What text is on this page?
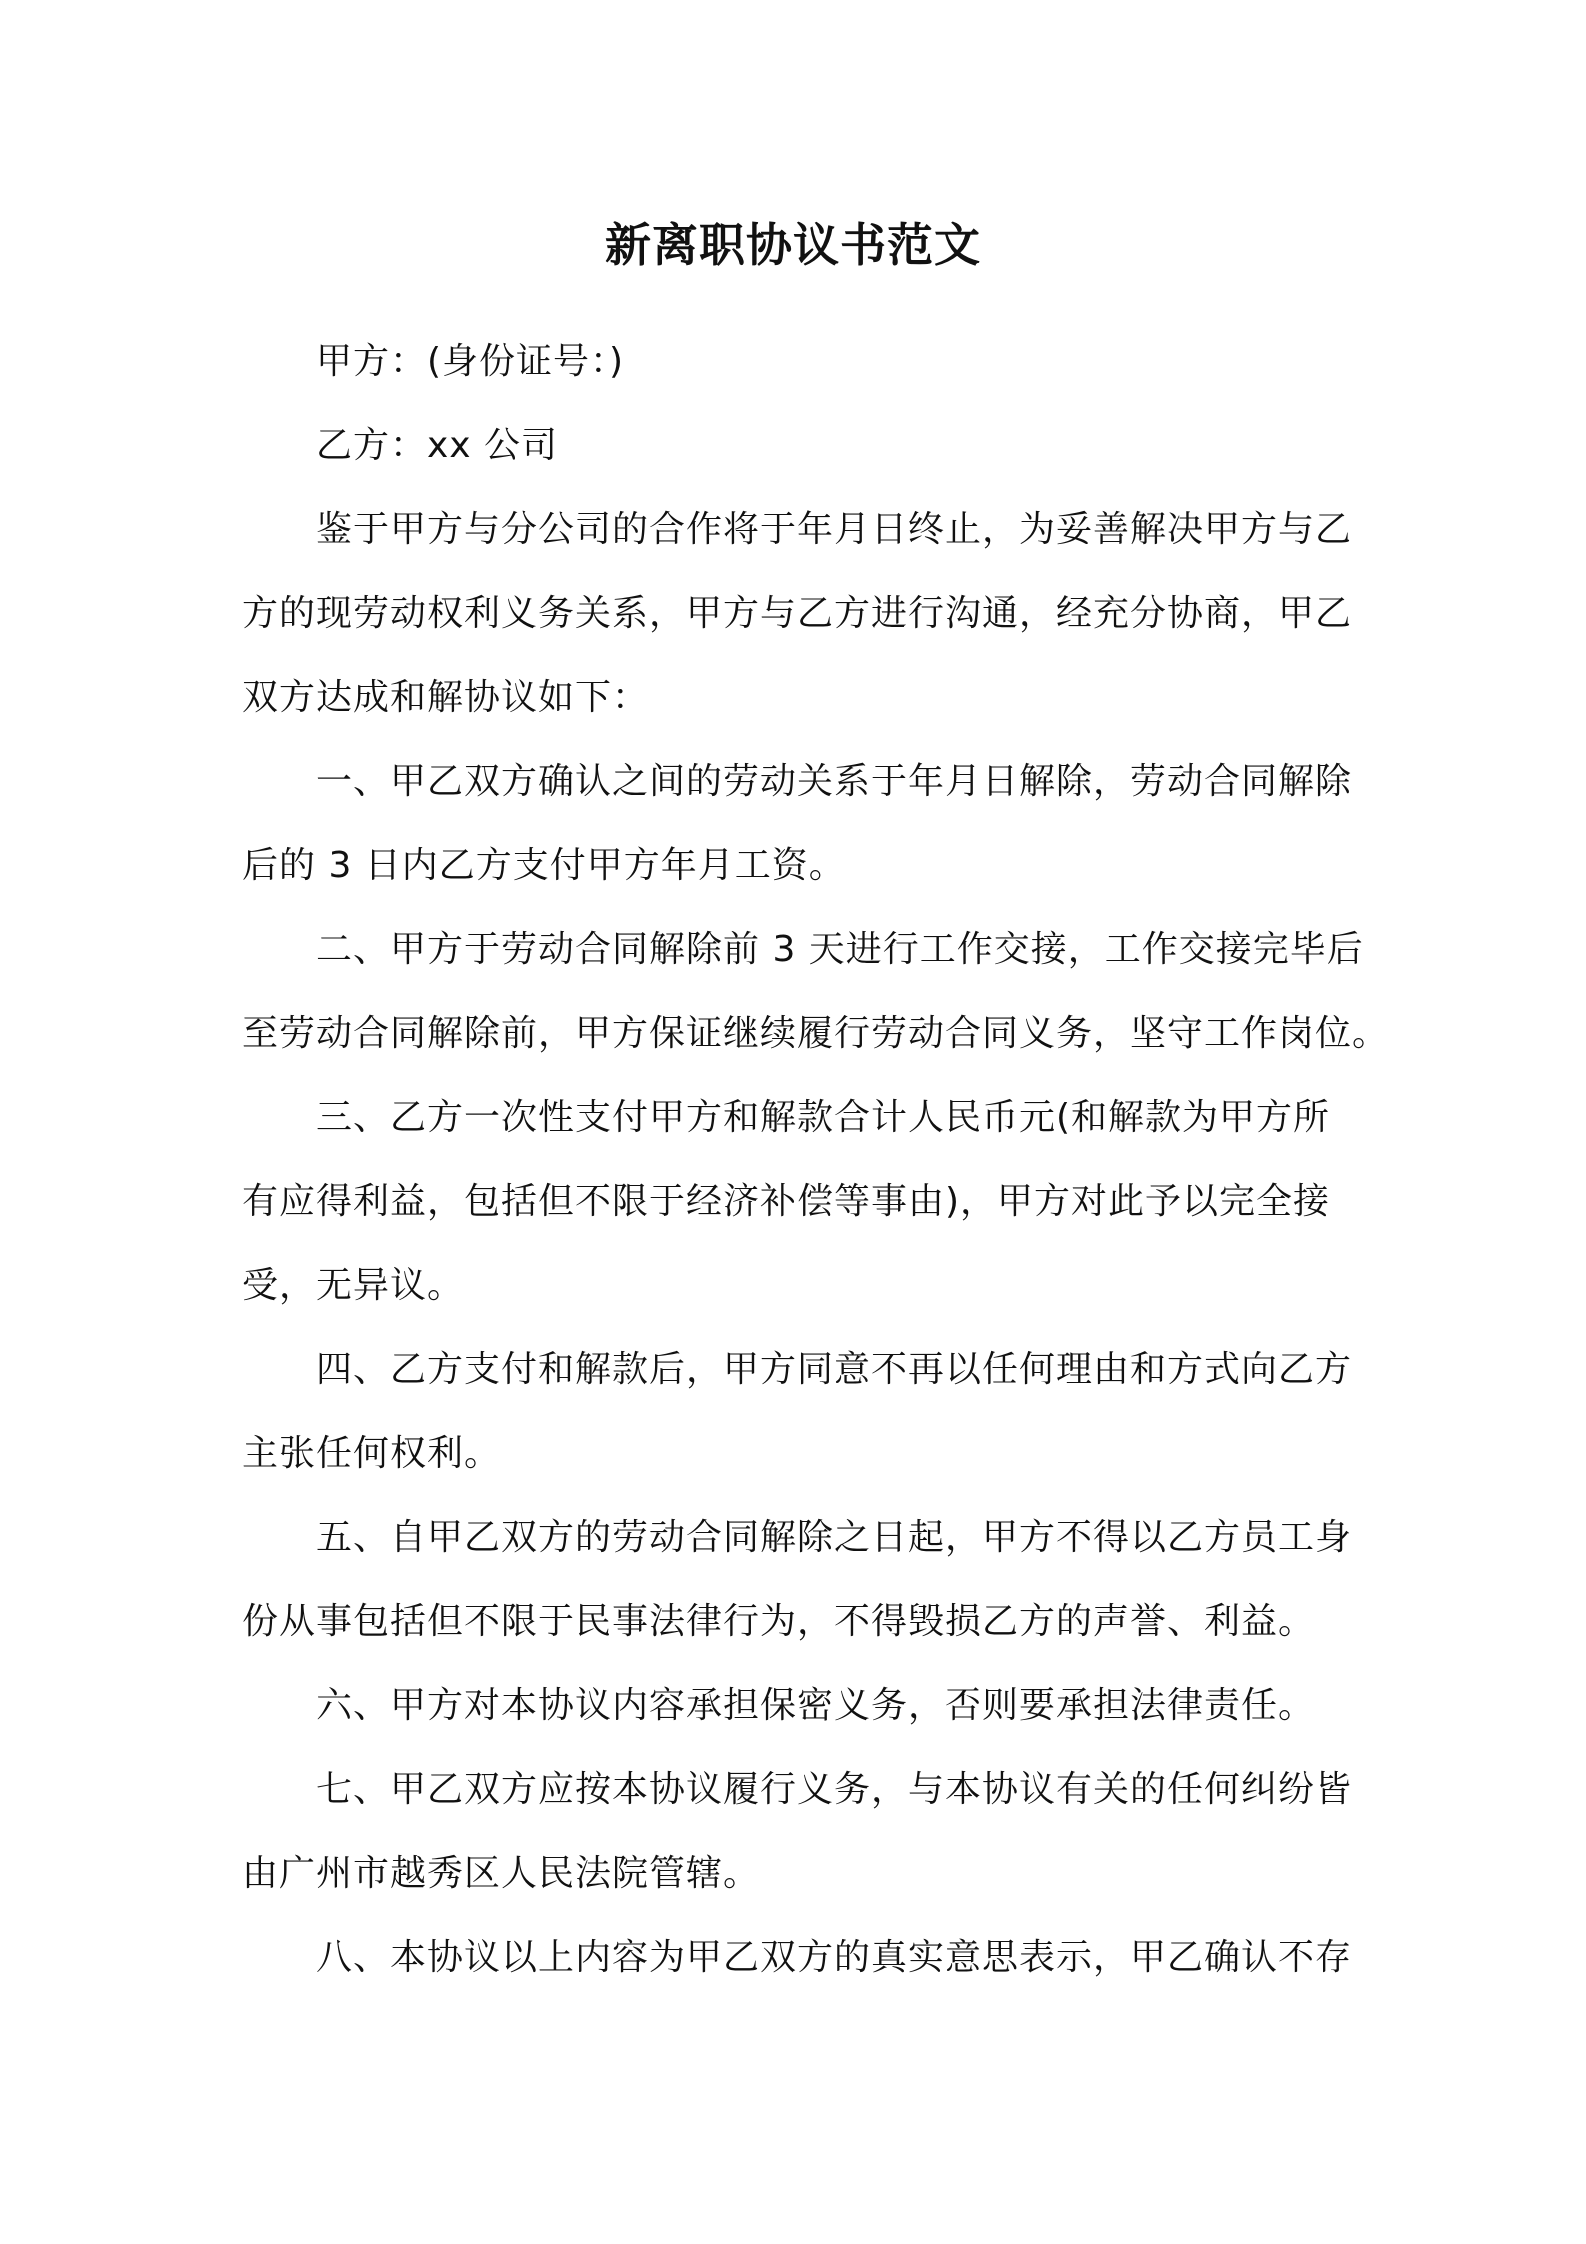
新离职协议书范文

甲方：(身份证号：)

乙方：xx 公司

鉴于甲方与分公司的合作将于年月日终止，为妥善解决甲方与乙
方的现劳动权利义务关系，甲方与乙方进行沟通，经充分协商，甲乙
双方达成和解协议如下：

一、甲乙双方确认之间的劳动关系于年月日解除，劳动合同解除
后的 3 日内乙方支付甲方年月工资。

二、甲方于劳动合同解除前 3 天进行工作交接，工作交接完毕后
至劳动合同解除前，甲方保证继续履行劳动合同义务，坚守工作岗位。

三、乙方一次性支付甲方和解款合计人民币元(和解款为甲方所
有应得利益，包括但不限于经济补偿等事由)，甲方对此予以完全接
受，无异议。

四、乙方支付和解款后，甲方同意不再以任何理由和方式向乙方
主张任何权利。

五、自甲乙双方的劳动合同解除之日起，甲方不得以乙方员工身
份从事包括但不限于民事法律行为，不得毁损乙方的声誉、利益。

六、甲方对本协议内容承担保密义务，否则要承担法律责任。

七、甲乙双方应按本协议履行义务，与本协议有关的任何纠纷皆
由广州市越秀区人民法院管辖。

八、本协议以上内容为甲乙双方的真实意思表示，甲乙确认不存
